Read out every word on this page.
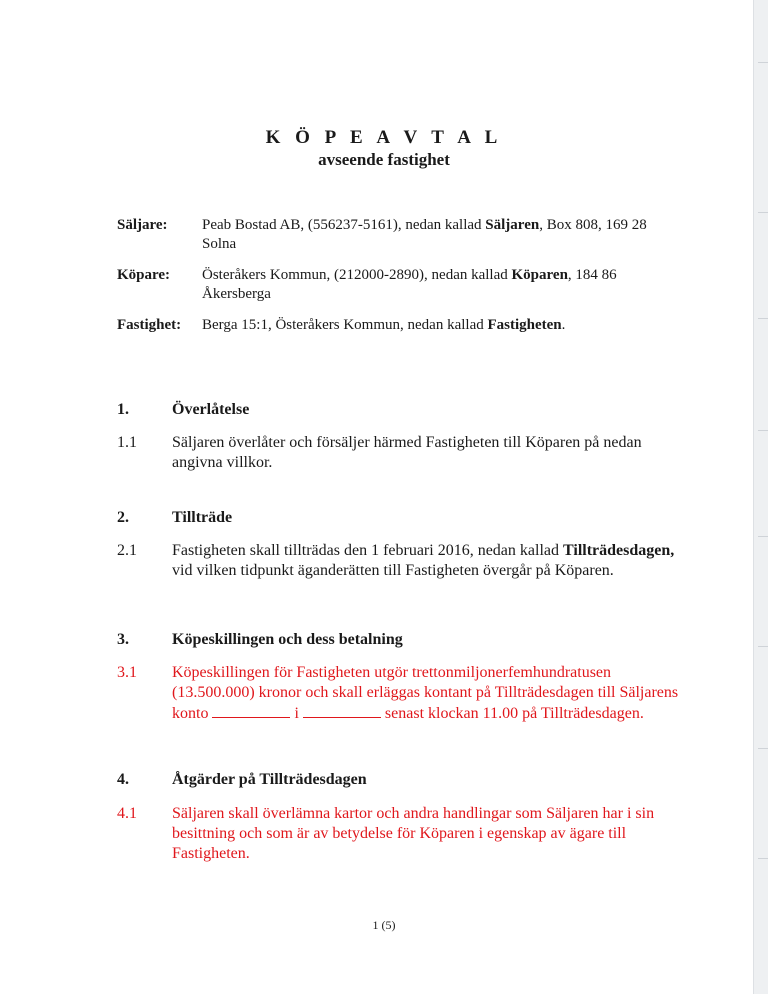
K Ö P E A V T A L
avseende fastighet
Säljare: Peab Bostad AB, (556237-5161), nedan kallad Säljaren, Box 808, 169 28 Solna
Köpare: Österåkers Kommun, (212000-2890), nedan kallad Köparen, 184 86 Åkersberga
Fastighet: Berga 15:1, Österåkers Kommun, nedan kallad Fastigheten.
1.	Överlåtelse
1.1 Säljaren överlåter och försäljer härmed Fastigheten till Köparen på nedan angivna villkor.
2.	Tillträde
2.1 Fastigheten skall tillträdas den 1 februari 2016, nedan kallad Tillträdesdagen, vid vilken tidpunkt äganderätten till Fastigheten övergår på Köparen.
3.	Köpeskillingen och dess betalning
3.1 Köpeskillingen för Fastigheten utgör trettonmiljonerfemhundratusen (13.500.000) kronor och skall erläggas kontant på Tillträdesdagen till Säljarens konto	i	senast klockan 11.00 på Tillträdesdagen.
4.	Åtgärder på Tillträdesdagen
4.1 Säljaren skall överlämna kartor och andra handlingar som Säljaren har i sin besittning och som är av betydelse för Köparen i egenskap av ägare till Fastigheten.
1 (5)
